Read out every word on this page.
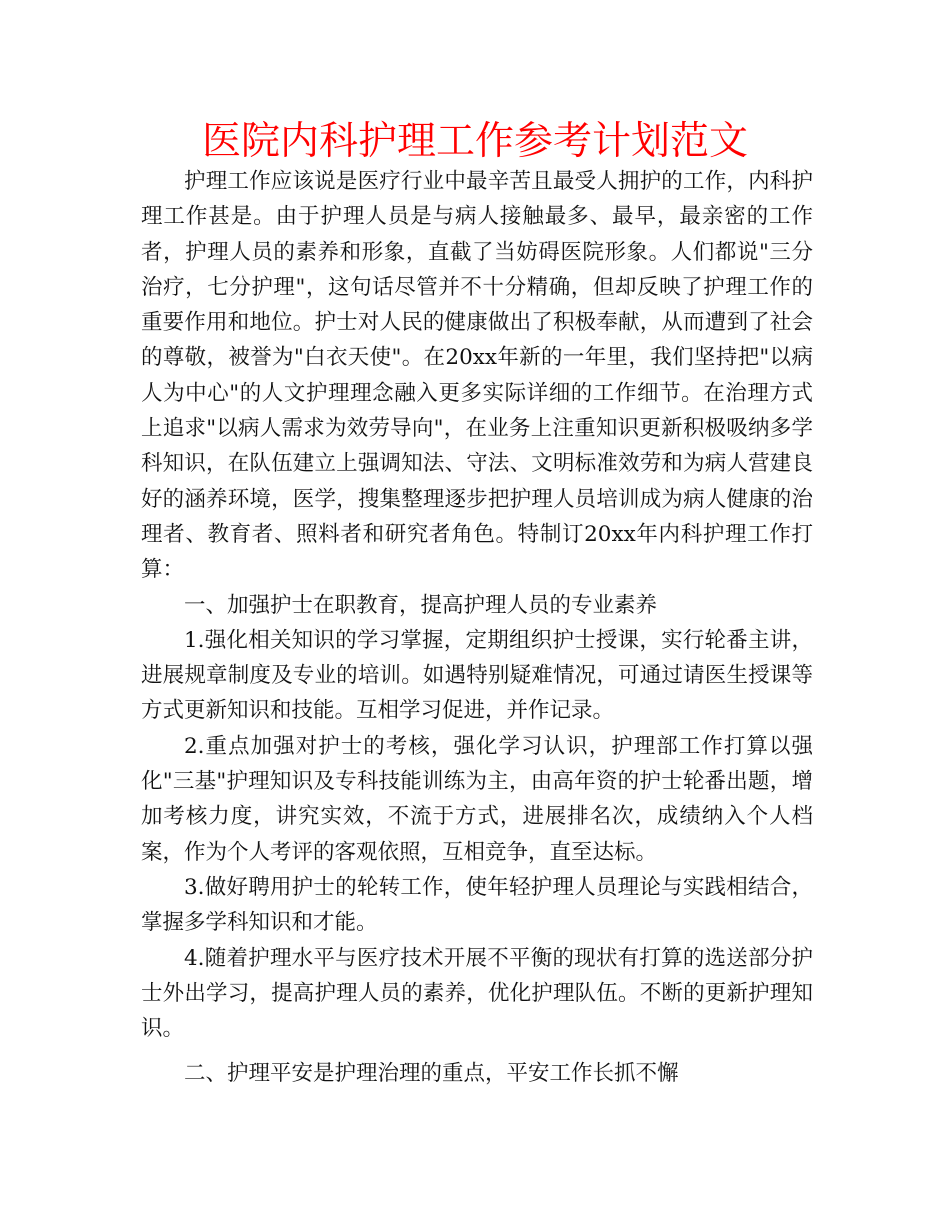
医院内科护理工作参考计划范文

护理工作应该说是医疗行业中最辛苦且最受人拥护的工作，内科护理工作甚是。由于护理人员是与病人接触最多、最早，最亲密的工作者，护理人员的素养和形象，直截了当妨碍医院形象。人们都说"三分治疗，七分护理"，这句话尽管并不十分精确，但却反映了护理工作的重要作用和地位。护士对人民的健康做出了积极奉献，从而遭到了社会的尊敬，被誉为"白衣天使"。在20xx年新的一年里，我们坚持把"以病人为中心"的人文护理理念融入更多实际详细的工作细节。在治理方式上追求"以病人需求为效劳导向"，在业务上注重知识更新积极吸纳多学科知识，在队伍建立上强调知法、守法、文明标准效劳和为病人营建良好的涵养环境，医学，搜集整理逐步把护理人员培训成为病人健康的治理者、教育者、照料者和研究者角色。特制订20xx年内科护理工作打算：

一、加强护士在职教育，提高护理人员的专业素养

1.强化相关知识的学习掌握，定期组织护士授课，实行轮番主讲，进展规章制度及专业的培训。如遇特别疑难情况，可通过请医生授课等方式更新知识和技能。互相学习促进，并作记录。

2.重点加强对护士的考核，强化学习认识，护理部工作打算以强化"三基"护理知识及专科技能训练为主，由高年资的护士轮番出题，增加考核力度，讲究实效，不流于方式，进展排名次，成绩纳入个人档案，作为个人考评的客观依照，互相竞争，直至达标。

3.做好聘用护士的轮转工作，使年轻护理人员理论与实践相结合，掌握多学科知识和才能。

4.随着护理水平与医疗技术开展不平衡的现状有打算的选送部分护士外出学习，提高护理人员的素养，优化护理队伍。不断的更新护理知识。

二、护理平安是护理治理的重点，平安工作长抓不懈
